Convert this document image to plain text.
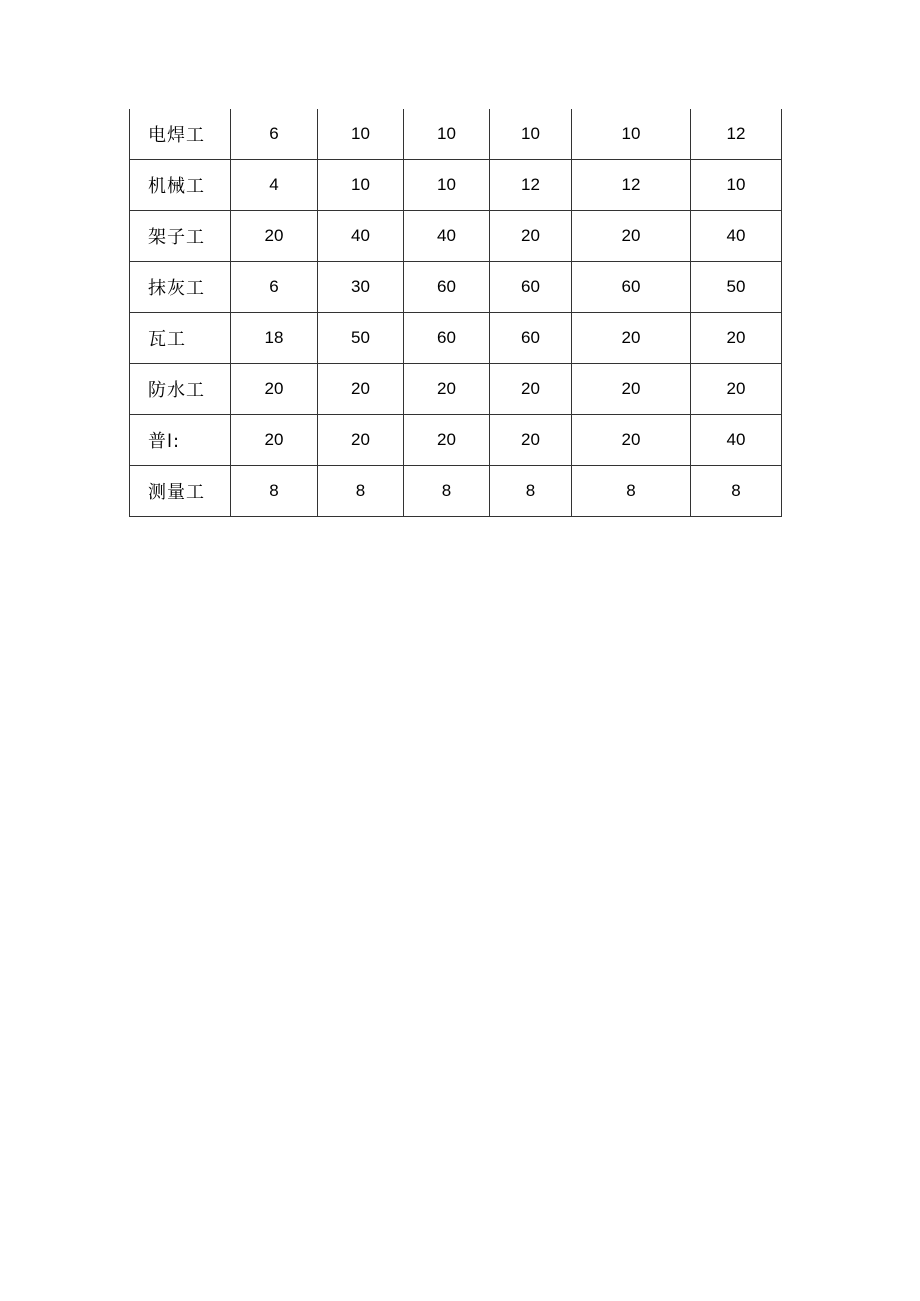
电焊工	6	10	10	10	10	12
机械工	4	10	10	12	12	10
架子工	20	40	40	20	20	40
抹灰工	6	30	60	60	60	50
瓦工	18	50	60	60	20	20
防水工	20	20	20	20	20	20
普l:	20	20	20	20	20	40
测量工	8	8	8	8	8	8
